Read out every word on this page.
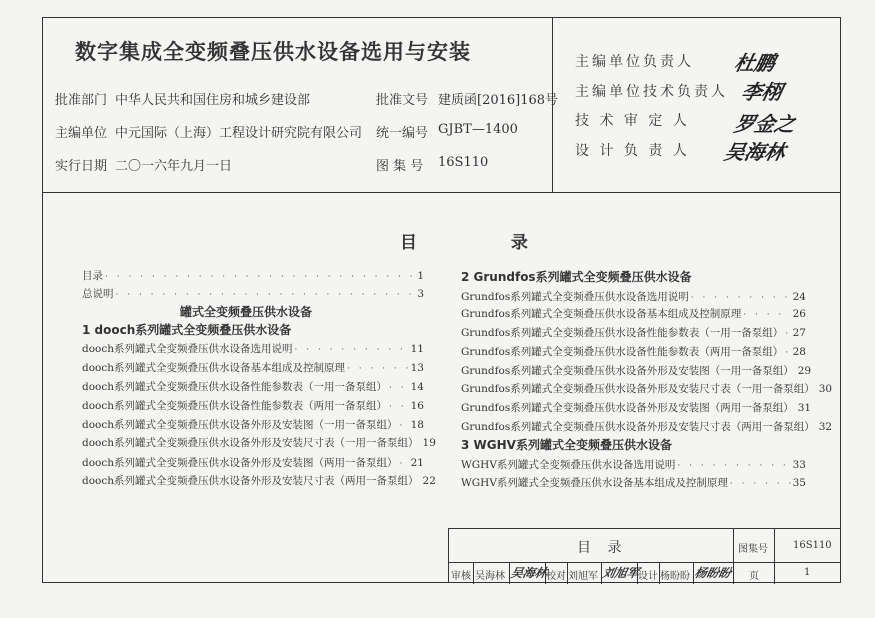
数字集成全变频叠压供水设备选用与安装
批准部门 中华人民共和国住房和城乡建设部	批准文号 建质函[2016]168号
主编单位 中元国际（上海）工程设计研究院有限公司 统一编号 GJBT—1400
实行日期 二〇一六年九月一日	图 集 号 16S110
主编单位负责人 杜鹏
主编单位技术负责人 李栩
技 术 审 定 人 罗金之
设 计 负 责 人 吴海林
目 录
目录 · · ·	1
总说明 · · ·	3
罐式全变频叠压供水设备
1 dooch系列罐式全变频叠压供水设备
dooch系列罐式全变频叠压供水设备选用说明 · · ·	11
dooch系列罐式全变频叠压供水设备基本组成及控制原理 · · ·	13
dooch系列罐式全变频叠压供水设备性能参数表（一用一备泵组） · · · 14
dooch系列罐式全变频叠压供水设备性能参数表（两用一备泵组） · · · 16
dooch系列罐式全变频叠压供水设备外形及安装图（一用一备泵组） · · · 18
dooch系列罐式全变频叠压供水设备外形及安装尺寸表（一用一备泵组） 19
dooch系列罐式全变频叠压供水设备外形及安装图（两用一备泵组） · · · 21
dooch系列罐式全变频叠压供水设备外形及安装尺寸表（两用一备泵组） 22
2 Grundfos系列罐式全变频叠压供水设备
Grundfos系列罐式全变频叠压供水设备选用说明 · · ·	24
Grundfos系列罐式全变频叠压供水设备基本组成及控制原理 · · ·	26
Grundfos系列罐式全变频叠压供水设备性能参数表（一用一备泵组） · · · 27
Grundfos系列罐式全变频叠压供水设备性能参数表（两用一备泵组） · · · 28
Grundfos系列罐式全变频叠压供水设备外形及安装图（一用一备泵组） 29
Grundfos系列罐式全变频叠压供水设备外形及安装尺寸表（一用一备泵组） 30
Grundfos系列罐式全变频叠压供水设备外形及安装图（两用一备泵组） 31
Grundfos系列罐式全变频叠压供水设备外形及安装尺寸表（两用一备泵组） 32
3 WGHV系列罐式全变频叠压供水设备
WGHV系列罐式全变频叠压供水设备选用说明 · · ·	33
WGHV系列罐式全变频叠压供水设备基本组成及控制原理 · · ·	35
目 录	图集号	16S110
审核 吴海林 吴海林
校对 刘旭军 刘旭军
设计 杨盼盼 杨盼盼 页	1
